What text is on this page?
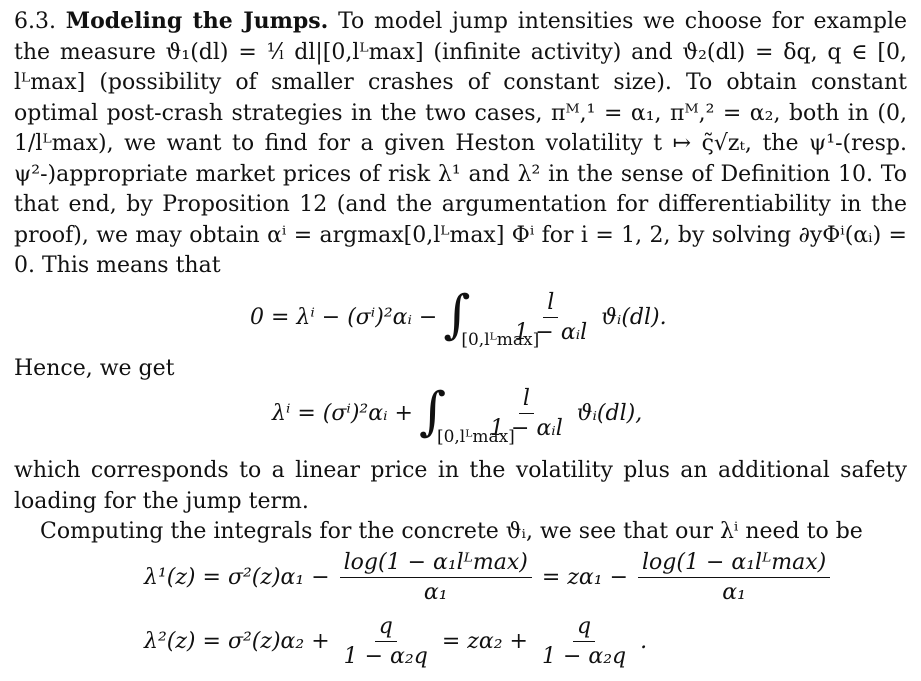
6.3. Modeling the Jumps. To model jump intensities we choose for example the measure ϑ₁(dl) = ¹⁄ₗ dl|[0,lᴸmax] (infinite activity) and ϑ₂(dl) = δq, q ∈ [0, lᴸmax] (possibility of smaller crashes of constant size). To obtain constant optimal post-crash strategies in the two cases, πᴹ,¹ = α₁, πᴹ,² = α₂, both in (0, 1/lᴸmax), we want to find for a given Heston volatility t ↦ ς̃√zₜ, the ψ¹-(resp. ψ²-)appropriate market prices of risk λ¹ and λ² in the sense of Definition 10. To that end, by Proposition 12 (and the argumentation for differentiability in the proof), we may obtain αⁱ = argmax[0,lᴸmax] Φⁱ for i = 1, 2, by solving ∂yΦⁱ(αᵢ) = 0. This means that

0 = λⁱ − (σⁱ)²αᵢ − ∫
[0,lᴸmax]
$\frac{l}{\text{1 − αᵢl}}$ ϑᵢ(dl).

Hence, we get

λⁱ = (σⁱ)²αᵢ + ∫
[0,lᴸmax]
$\frac{l}{\text{1 − αᵢl}}$ ϑᵢ(dl),

which corresponds to a linear price in the volatility plus an additional safety loading for the jump term.

Computing the integrals for the concrete ϑᵢ, we see that our λⁱ need to be

$\lambda^1(z) = \sigma^2(z)\alpha_1 - \frac{\text{log(1 − α₁lᴸmax)}}{\text{α₁}} = z\alpha_1 - \frac{\text{log(1 − α₁lᴸmax)}}{\text{α₁}}$
$\lambda^2(z) = \sigma^2(z)\alpha_2 + \frac{q}{\text{1 − α₂q}} = z\alpha_2 + \frac{q}{\text{1 − α₂q}}$ .
